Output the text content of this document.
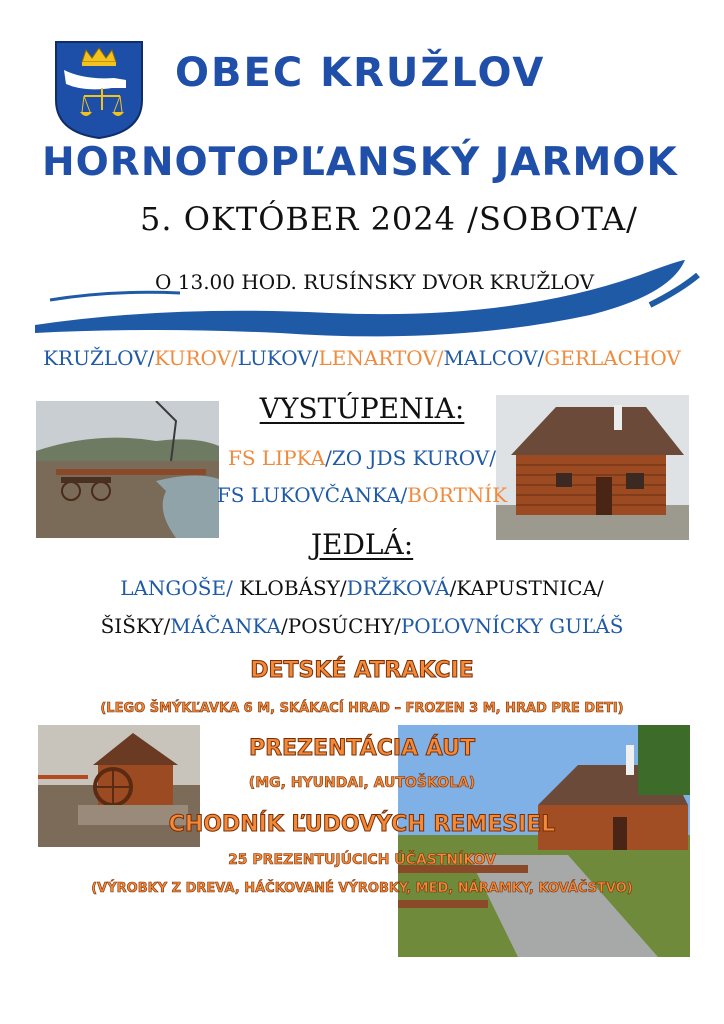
OBEC KRUŽLOV
HORNOTOPĽANSKÝ JARMOK
5. OKTÓBER 2024 /SOBOTA/
O 13.00 HOD. RUSÍNSKY DVOR KRUŽLOV
KRUŽLOV/KUROV/LUKOV/LENARTOV/MALCOV/GERLACHOV
VYSTÚPENIA:
FS LIPKA/ZO JDS KUROV/
FS LUKOVČANKA/BORTNÍK
JEDLÁ:
LANGOŠE/ KLOBÁSY/DRŽKOVÁ/KAPUSTNICA/
ŠIŠKY/MÁČANKA/POSÚCHY/POĽOVNÍCKY GUĽÁŠ
DETSKÉ ATRAKCIE
(LEGO ŠMÝKĽAVKA 6 M, SKÁKACÍ HRAD – FROZEN 3 M, HRAD PRE DETI)
PREZENTÁCIA ÁUT
(MG, HYUNDAI, AUTOŠKOLA)
CHODNÍK ĽUDOVÝCH REMESIEL
25 PREZENTUJÚCICH ÚČASTNÍKOV
(VÝROBKY Z DREVA, HÁČKOVANÉ VÝROBKY, MED, NÁRAMKY, KOVÁČSTVO)
